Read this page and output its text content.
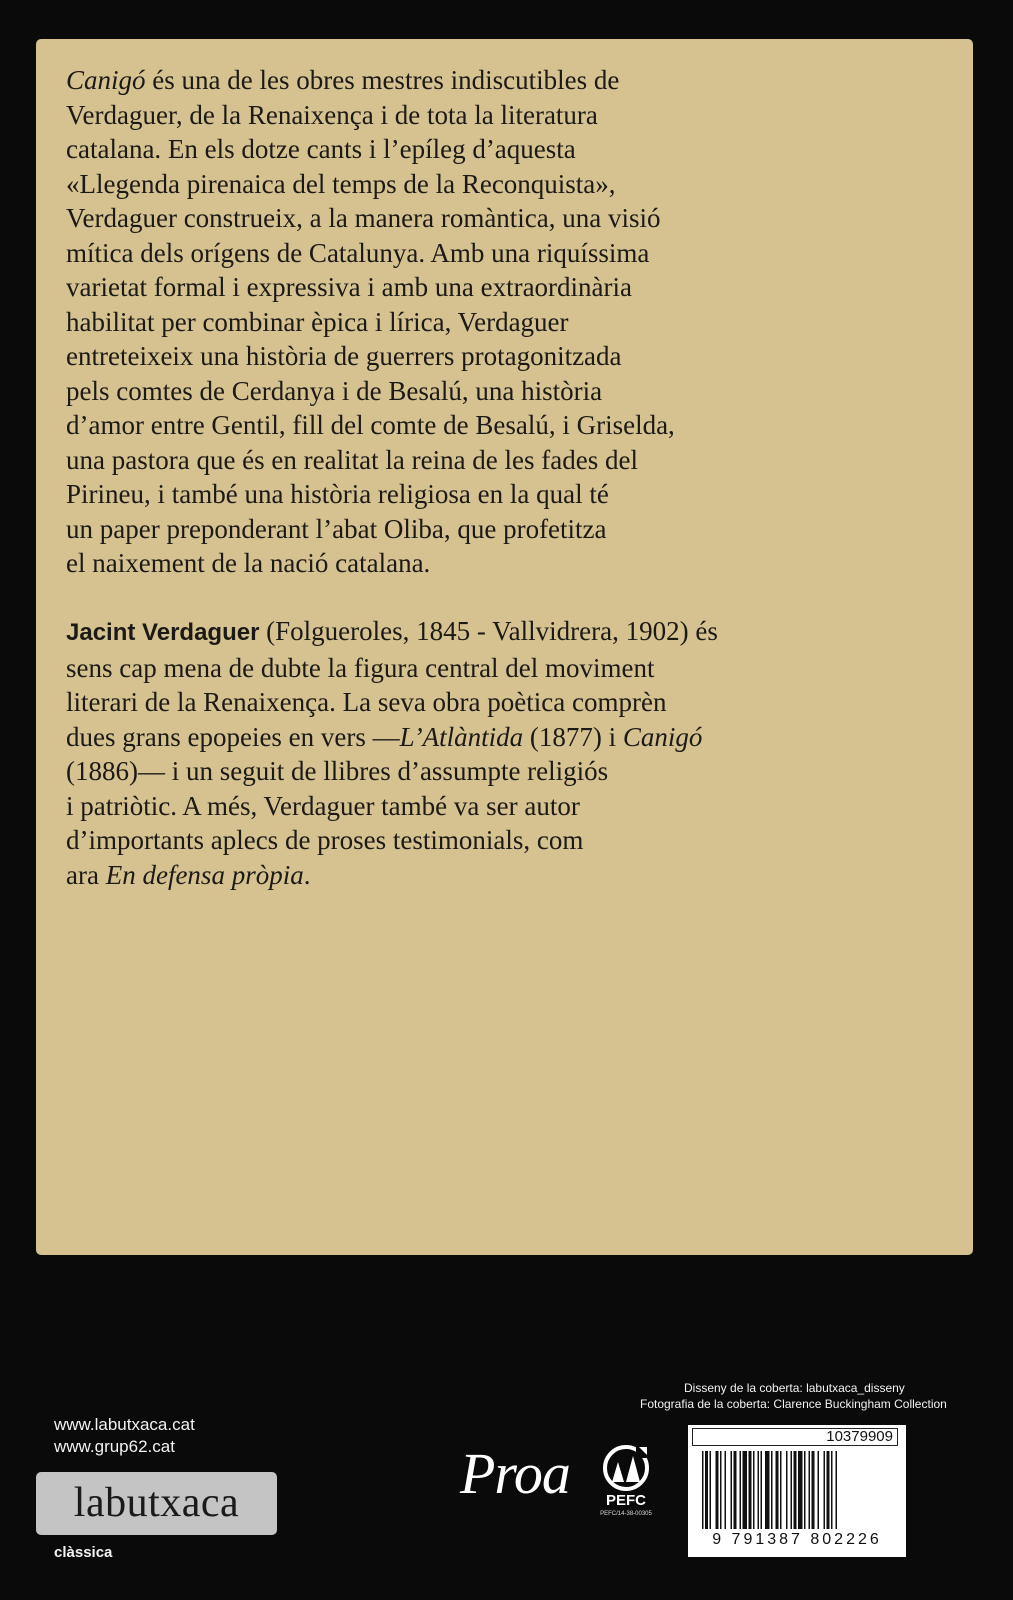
Canigó és una de les obres mestres indiscutibles de
Verdaguer, de la Renaixença i de tota la literatura
catalana. En els dotze cants i l’epíleg d’aquesta
«Llegenda pirenaica del temps de la Reconquista»,
Verdaguer construeix, a la manera romàntica, una visió
mítica dels orígens de Catalunya. Amb una riquíssima
varietat formal i expressiva i amb una extraordinària
habilitat per combinar èpica i lírica, Verdaguer
entreteixeix una història de guerrers protagonitzada
pels comtes de Cerdanya i de Besalú, una història
d’amor entre Gentil, fill del comte de Besalú, i Griselda,
una pastora que és en realitat la reina de les fades del
Pirineu, i també una història religiosa en la qual té
un paper preponderant l’abat Oliba, que profetitza
el naixement de la nació catalana.

Jacint Verdaguer (Folgueroles, 1845 - Vallvidrera, 1902) és
sens cap mena de dubte la figura central del moviment
literari de la Renaixença. La seva obra poètica comprèn
dues grans epopeies en vers —L’Atlàntida (1877) i Canigó
(1886)— i un seguit de llibres d’assumpte religiós
i patriòtic. A més, Verdaguer també va ser autor
d’importants aplecs de proses testimonials, com
ara En defensa pròpia.

www.labutxaca.cat
www.grup62.cat
labutxaca
clàssica
Disseny de la coberta: labutxaca_disseny
Fotografia de la coberta: Clarence Buckingham Collection
Proa	PEFC
PEFC/14-38-00305
10379909
9 791387 802226
